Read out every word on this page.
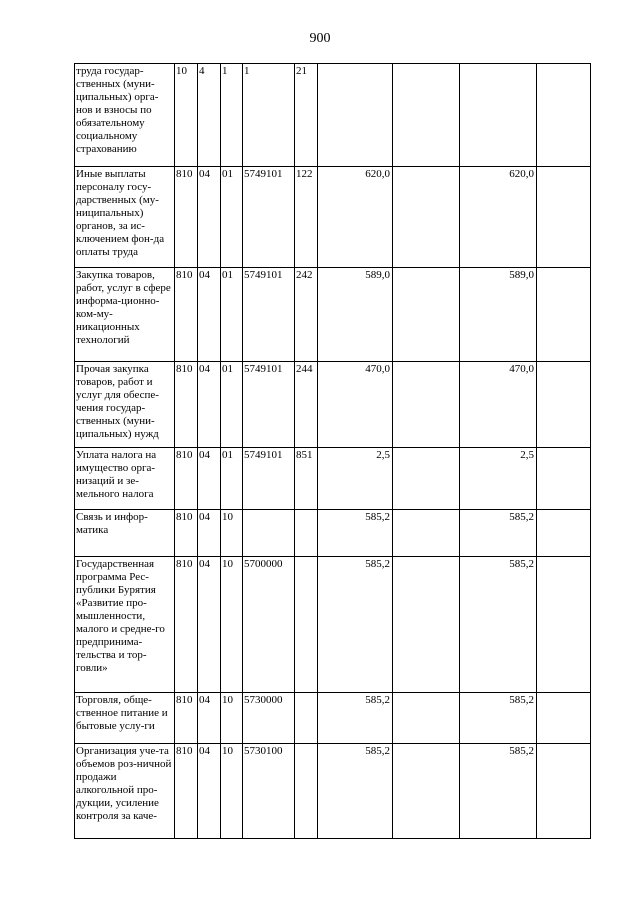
900
труда государ-ственных (муни-ципальных) орга-нов и взносы по обязательному социальному страхованию	10	4	1	1	21				

Иные выплаты персоналу госу-дарственных (му-ниципальных) органов, за ис-ключением фон-да оплаты труда	810	04	01	5749101	122	620,0		620,0	

Закупка товаров, работ, услуг в сфере информа-ционно-ком-му-никационных технологий	810	04	01	5749101	242	589,0		589,0	

Прочая закупка товаров, работ и услуг для обеспе-чения государ-ственных (муни-ципальных) нужд	810	04	01	5749101	244	470,0		470,0	

Уплата налога на имущество орга-низаций и зе-мельного налога	810	04	01	5749101	851	2,5		2,5	

Связь и инфор-матика	810	04	10			585,2		585,2	

Государственная программа Рес-публики Бурятия «Развитие про-мышленности, малого и средне-го предпринима-тельства и тор-говли»	810	04	10	5700000		585,2		585,2	

Торговля, обще-ственное питание и бытовые услу-ги	810	04	10	5730000		585,2		585,2	

Организация уче-та объемов роз-ничной продажи алкогольной про-дукции, усиление контроля за каче-	810	04	10	5730100		585,2		585,2	
